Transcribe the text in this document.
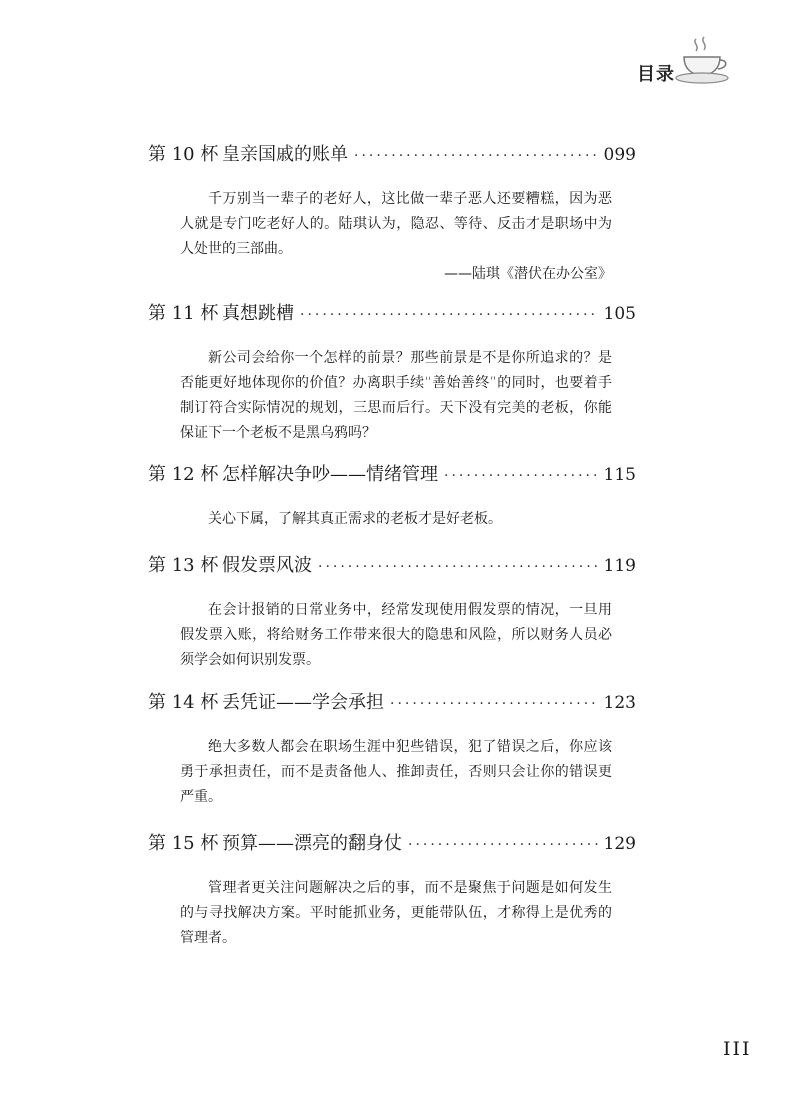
目录
第 10 杯 皇亲国戚的账单 ·····	099
千万别当一辈子的老好人，这比做一辈子恶人还要糟糕，因为恶人就是专门吃老好人的。陆琪认为，隐忍、等待、反击才是职场中为人处世的三部曲。
——陆琪《潜伏在办公室》
第 11 杯 真想跳槽 ·····	105
新公司会给你一个怎样的前景？那些前景是不是你所追求的？是否能更好地体现你的价值？办离职手续“善始善终”的同时，也要着手制订符合实际情况的规划，三思而后行。天下没有完美的老板，你能保证下一个老板不是黑乌鸦吗？
第 12 杯 怎样解决争吵——情绪管理 ·····	115
关心下属，了解其真正需求的老板才是好老板。
第 13 杯 假发票风波 ·····	119
在会计报销的日常业务中，经常发现使用假发票的情况，一旦用假发票入账，将给财务工作带来很大的隐患和风险，所以财务人员必须学会如何识别发票。
第 14 杯 丢凭证——学会承担 ·····	123
绝大多数人都会在职场生涯中犯些错误，犯了错误之后，你应该勇于承担责任，而不是责备他人、推卸责任，否则只会让你的错误更严重。
第 15 杯 预算——漂亮的翻身仗 ·····	129
管理者更关注问题解决之后的事，而不是聚焦于问题是如何发生的与寻找解决方案。平时能抓业务，更能带队伍，才称得上是优秀的管理者。
III
